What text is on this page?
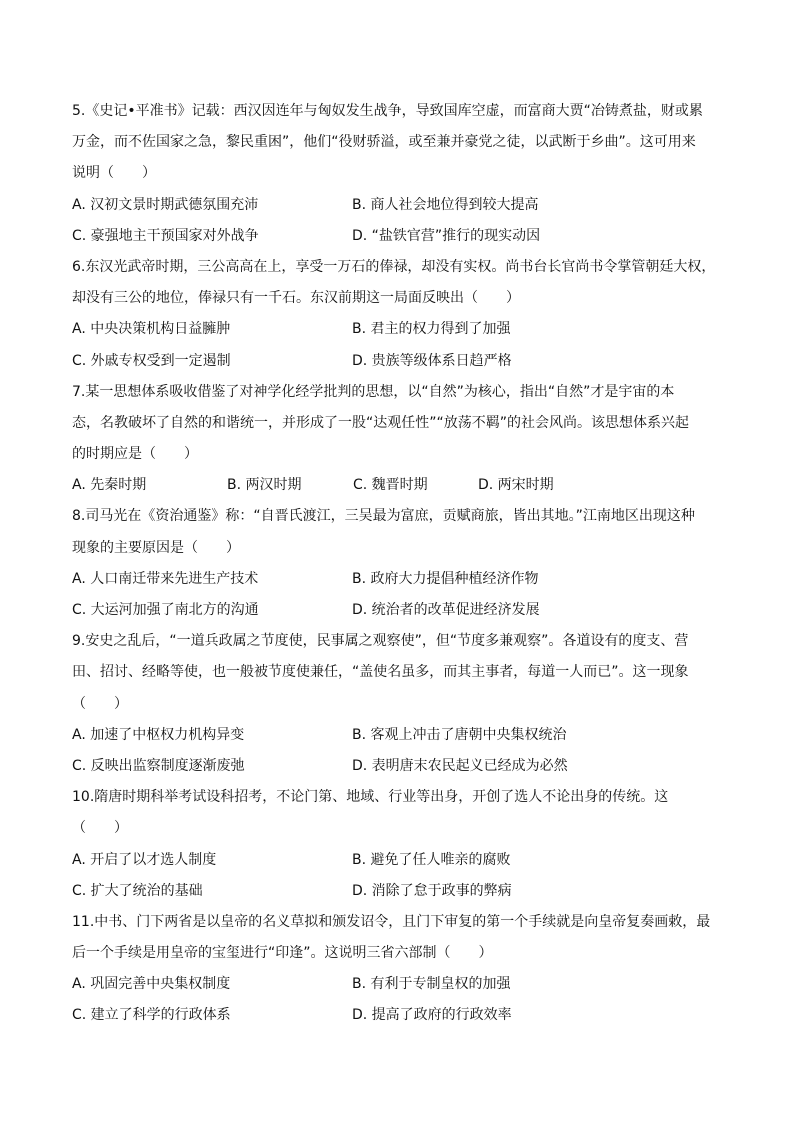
5.《史记•平准书》记载：西汉因连年与匈奴发生战争，导致国库空虚，而富商大贾“冶铸煮盐，财或累
万金，而不佐国家之急，黎民重困”，他们“役财骄溢，或至兼并豪党之徒，以武断于乡曲”。这可用来
说明（　　）
A. 汉初文景时期武德氛围充沛	B. 商人社会地位得到较大提高
C. 豪强地主干预国家对外战争	D. “盐铁官营”推行的现实动因
6.东汉光武帝时期，三公高高在上，享受一万石的俸禄，却没有实权。尚书台长官尚书令掌管朝廷大权，
却没有三公的地位，俸禄只有一千石。东汉前期这一局面反映出（　　）
A. 中央决策机构日益臃肿	B. 君主的权力得到了加强
C. 外戚专权受到一定遏制	D. 贵族等级体系日趋严格
7.某一思想体系吸收借鉴了对神学化经学批判的思想，以“自然”为核心，指出“自然”才是宇宙的本
态，名教破坏了自然的和谐统一，并形成了一股“达观任性”“放荡不羁”的社会风尚。该思想体系兴起
的时期应是（　　）
A. 先秦时期	B. 两汉时期	C. 魏晋时期	D. 两宋时期
8.司马光在《资治通鉴》称：“自晋氏渡江，三吴最为富庶，贡赋商旅，皆出其地。”江南地区出现这种
现象的主要原因是（　　）
A. 人口南迁带来先进生产技术	B. 政府大力提倡种植经济作物
C. 大运河加强了南北方的沟通	D. 统治者的改革促进经济发展
9.安史之乱后，“一道兵政属之节度使，民事属之观察使”，但“节度多兼观察”。各道设有的度支、营
田、招讨、经略等使，也一般被节度使兼任，“盖使名虽多，而其主事者，每道一人而已”。这一现象
（　　）
A. 加速了中枢权力机构异变	B. 客观上冲击了唐朝中央集权统治
C. 反映出监察制度逐渐废弛	D. 表明唐末农民起义已经成为必然
10.隋唐时期科举考试设科招考，不论门第、地域、行业等出身，开创了选人不论出身的传统。这
（　　）
A. 开启了以才选人制度	B. 避免了任人唯亲的腐败
C. 扩大了统治的基础	D. 消除了怠于政事的弊病
11.中书、门下两省是以皇帝的名义草拟和颁发诏令，且门下审复的第一个手续就是向皇帝复奏画敕，最
后一个手续是用皇帝的宝玺进行“印逢”。这说明三省六部制（　　）
A. 巩固完善中央集权制度	B. 有利于专制皇权的加强
C. 建立了科学的行政体系	D. 提高了政府的行政效率
